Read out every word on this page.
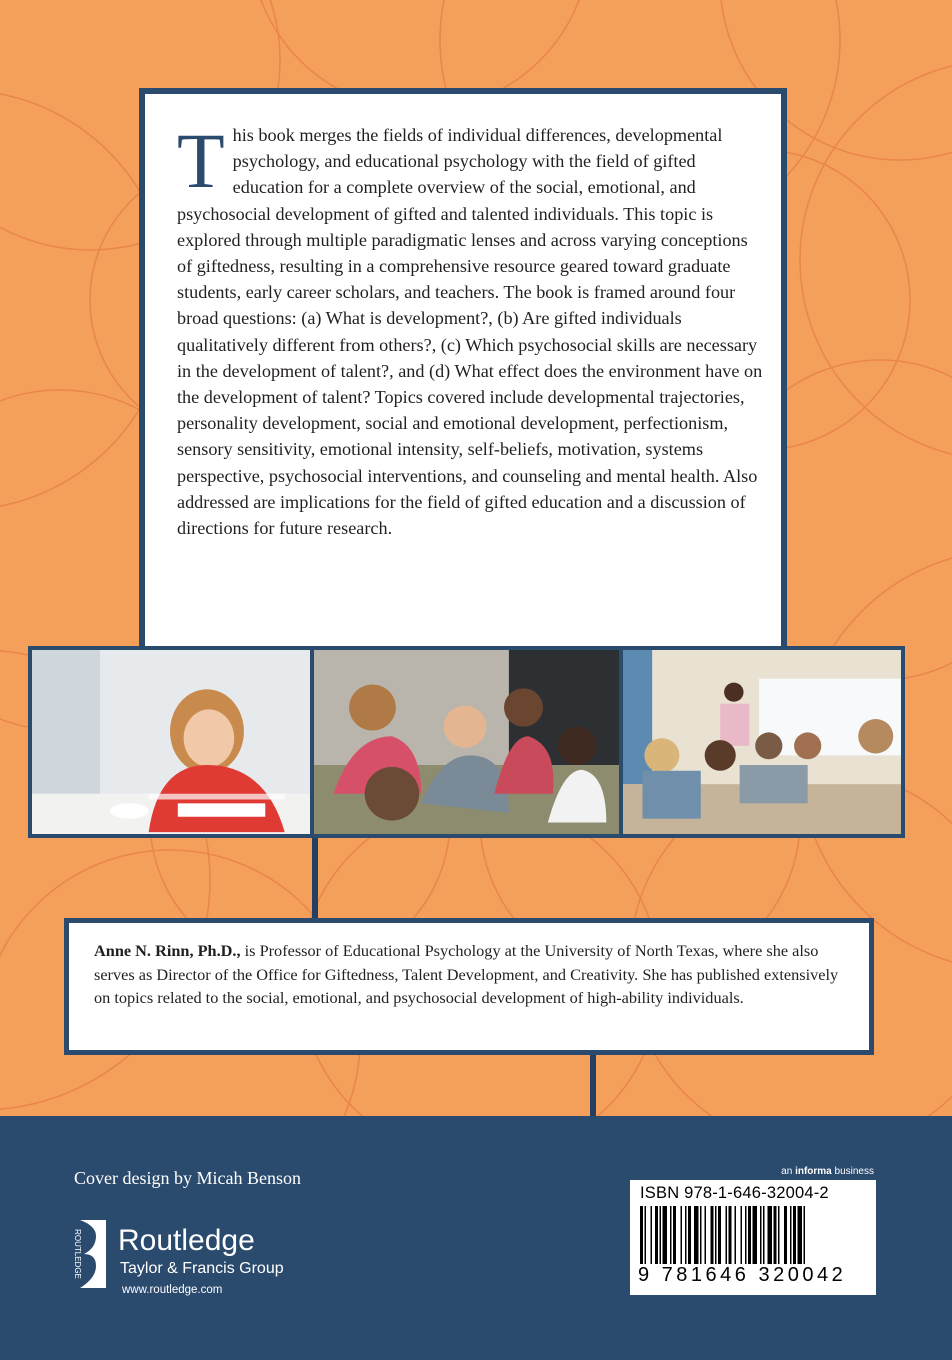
This book merges the fields of individual differences, developmental psychology, and educational psychology with the field of gifted education for a complete overview of the social, emotional, and psychosocial development of gifted and talented individuals. This topic is explored through multiple paradigmatic lenses and across varying conceptions of giftedness, resulting in a comprehensive resource geared toward graduate students, early career scholars, and teachers. The book is framed around four broad questions: (a) What is development?, (b) Are gifted individuals qualitatively different from others?, (c) Which psychosocial skills are necessary in the development of talent?, and (d) What effect does the environment have on the development of talent? Topics covered include developmental trajectories, personality development, social and emotional development, perfectionism, sensory sensitivity, emotional intensity, self-beliefs, motivation, systems perspective, psychosocial interventions, and counseling and mental health. Also addressed are implications for the field of gifted education and a discussion of directions for future research.

Anne N. Rinn, Ph.D., is Professor of Educational Psychology at the University of North Texas, where she also serves as Director of the Office for Giftedness, Talent Development, and Creativity. She has published extensively on topics related to the social, emotional, and psychosocial development of high-ability individuals.

Cover design by Micah Benson
ROUTLEDGE Routledge
Taylor & Francis Group
www.routledge.com
an informa business
ISBN 978-1-646-32004-2
9 781646 320042
